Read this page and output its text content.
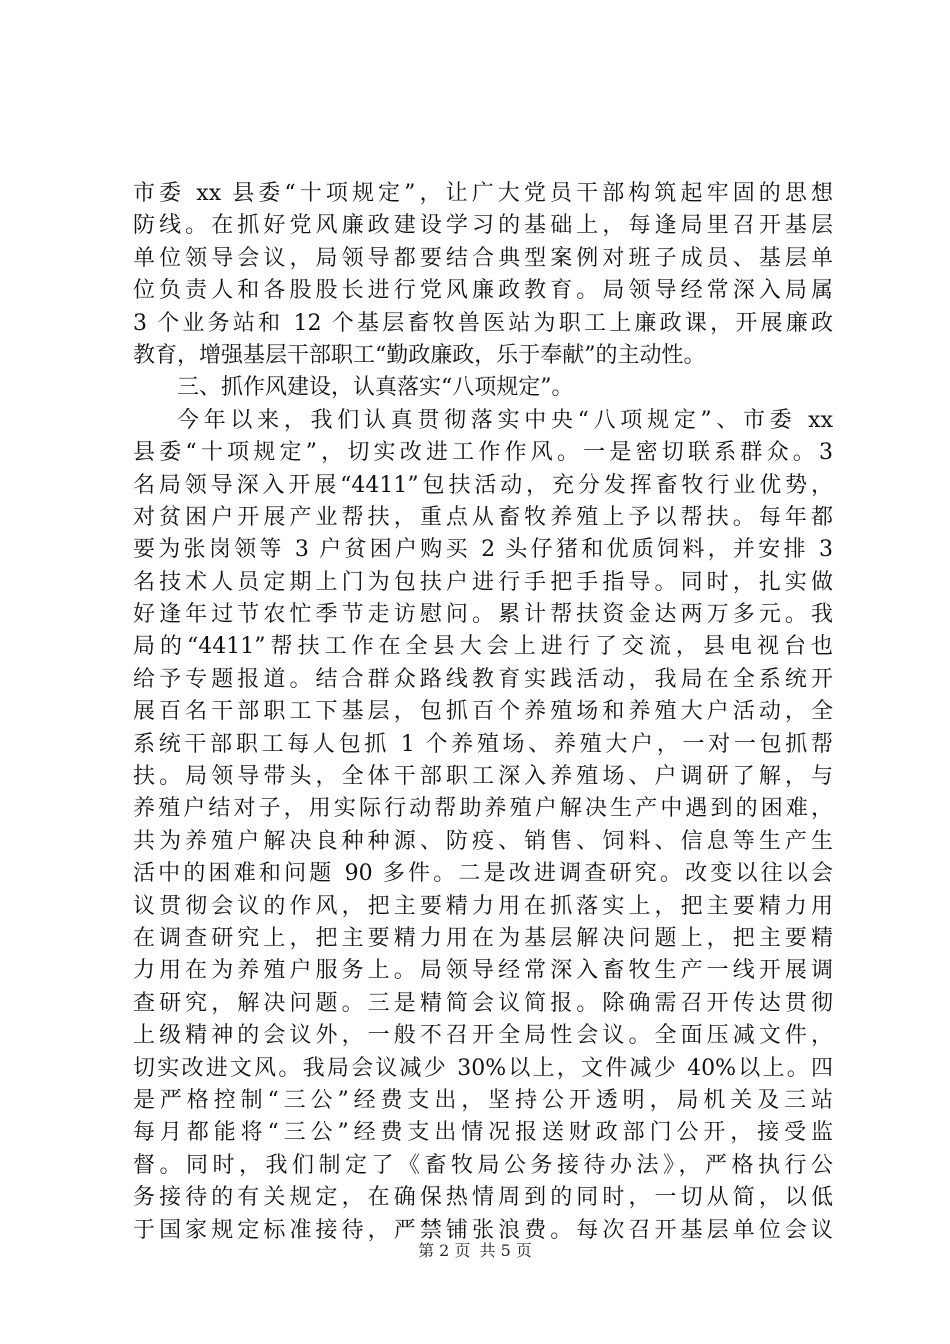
市委 xx 县委“十项规定”，让广大党员干部构筑起牢固的思想
防线。在抓好党风廉政建设学习的基础上，每逢局里召开基层
单位领导会议，局领导都要结合典型案例对班子成员、基层单
位负责人和各股股长进行党风廉政教育。局领导经常深入局属
3 个业务站和 12 个基层畜牧兽医站为职工上廉政课，开展廉政
教育，增强基层干部职工“勤政廉政，乐于奉献”的主动性。
三、抓作风建设，认真落实“八项规定”。
今年以来，我们认真贯彻落实中央“八项规定”、市委 xx
县委“十项规定”，切实改进工作作风。一是密切联系群众。3
名局领导深入开展“4411”包扶活动，充分发挥畜牧行业优势，
对贫困户开展产业帮扶，重点从畜牧养殖上予以帮扶。每年都
要为张岗领等 3 户贫困户购买 2 头仔猪和优质饲料，并安排 3
名技术人员定期上门为包扶户进行手把手指导。同时，扎实做
好逢年过节农忙季节走访慰问。累计帮扶资金达两万多元。我
局的“4411”帮扶工作在全县大会上进行了交流，县电视台也
给予专题报道。结合群众路线教育实践活动，我局在全系统开
展百名干部职工下基层，包抓百个养殖场和养殖大户活动，全
系统干部职工每人包抓 1 个养殖场、养殖大户，一对一包抓帮
扶。局领导带头，全体干部职工深入养殖场、户调研了解，与
养殖户结对子，用实际行动帮助养殖户解决生产中遇到的困难，
共为养殖户解决良种种源、防疫、销售、饲料、信息等生产生
活中的困难和问题 90 多件。二是改进调查研究。改变以往以会
议贯彻会议的作风，把主要精力用在抓落实上，把主要精力用
在调查研究上，把主要精力用在为基层解决问题上，把主要精
力用在为养殖户服务上。局领导经常深入畜牧生产一线开展调
查研究，解决问题。三是精简会议简报。除确需召开传达贯彻
上级精神的会议外，一般不召开全局性会议。全面压减文件，
切实改进文风。我局会议减少 30%以上，文件减少 40%以上。四
是严格控制“三公”经费支出，坚持公开透明，局机关及三站
每月都能将“三公”经费支出情况报送财政部门公开，接受监
督。同时，我们制定了《畜牧局公务接待办法》，严格执行公
务接待的有关规定，在确保热情周到的同时，一切从简，以低
于国家规定标准接待，严禁铺张浪费。每次召开基层单位会议
第 2 页 共 5 页
